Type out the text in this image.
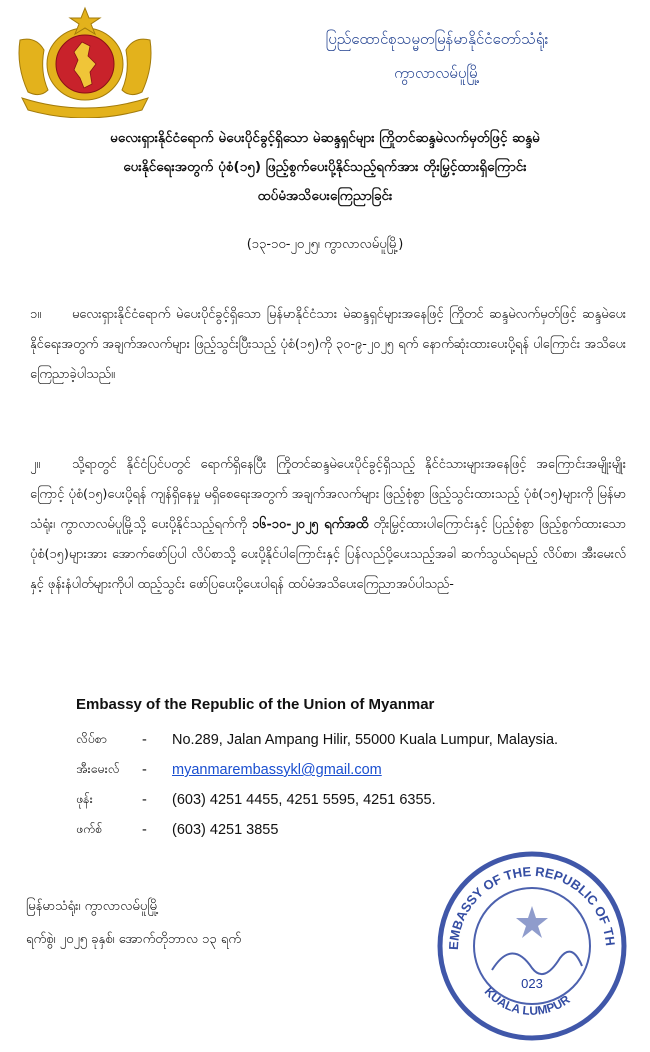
ပြည်ထောင်စုသမ္မတမြန်မာနိုင်ငံတော်သံရုံး
ကွာလာလမ်ပူမြို့
မလေးရှားနိုင်ငံရောက် မဲပေးပိုင်ခွင့်ရှိသော မဲဆန္ဒရှင်များ ကြိုတင်ဆန္ဒမဲလက်မှတ်ဖြင့် ဆန္ဒမဲ
ပေးနိုင်ရေးအတွက် ပုံစံ(၁၅) ဖြည့်စွက်ပေးပို့နိုင်သည့်ရက်အား တိုးမြှင့်ထားရှိကြောင်း
ထပ်မံအသိပေးကြေညာခြင်း
(၁၃-၁၀-၂၀၂၅၊ ကွာလာလမ်ပူမြို့)
၁။ မလေးရှားနိုင်ငံရောက် မဲပေးပိုင်ခွင့်ရှိသော မြန်မာနိုင်ငံသား မဲဆန္ဒရှင်များအနေဖြင့် ကြိုတင် ဆန္ဒမဲလက်မှတ်ဖြင့် ဆန္ဒမဲပေးနိုင်ရေးအတွက် အချက်အလက်များ ဖြည့်သွင်းပြီးသည့် ပုံစံ(၁၅)ကို ၃၀-၉-၂၀၂၅ ရက် နောက်ဆုံးထားပေးပို့ရန် ပါကြောင်း အသိပေးကြေညာခဲ့ပါသည်။
၂။ သို့ရာတွင် နိုင်ငံပြင်ပတွင် ရောက်ရှိနေပြီး ကြိုတင်ဆန္ဒမဲပေးပိုင်ခွင့်ရှိသည့် နိုင်ငံသားများအနေဖြင့် အကြောင်းအမျိုးမျိုးကြောင့် ပုံစံ(၁၅)ပေးပို့ရန် ကျန်ရှိနေမှု မရှိစေရေးအတွက် အချက်အလက်များ ဖြည့်စုံစွာ ဖြည့်သွင်းထားသည့် ပုံစံ(၁၅)များကို မြန်မာသံရုံး၊ ကွာလာလမ်ပူမြို့သို့ ပေးပို့နိုင်သည့်ရက်ကို ၁၆-၁၀-၂၀၂၅ ရက်အထိ တိုးမြှင့်ထားပါကြောင်းနှင့် ပြည့်စုံစွာ ဖြည့်စွက်ထားသော ပုံစံ(၁၅)များအား အောက်ဖော်ပြပါ လိပ်စာသို့ ပေးပို့နိုင်ပါကြောင်းနှင့် ပြန်လည်ပို့ပေးသည့်အခါ ဆက်သွယ်ရမည့် လိပ်စာ၊ အီးမေးလ်နှင့် ဖုန်းနံပါတ်များကိုပါ ထည့်သွင်း ဖော်ပြပေးပို့ပေးပါရန် ထပ်မံအသိပေးကြေညာအပ်ပါသည်-
Embassy of the Republic of the Union of Myanmar
လိပ်စာ	-	No.289, Jalan Ampang Hilir, 55000 Kuala Lumpur, Malaysia.
အီးမေးလ်	-	myanmarembassykl@gmail.com
ဖုန်း	-	(603) 4251 4455, 4251 5595, 4251 6355.
ဖက်စ်	-	(603) 4251 3855
မြန်မာသံရုံး၊ ကွာလာလမ်ပူမြို့
ရက်စွဲ၊ ၂၀၂၅ ခုနှစ်၊ အောက်တိုဘာလ ၁၃ ရက်	EMBASSY OF THE REPUBLIC OF TH
KUALA LUMPUR
023
